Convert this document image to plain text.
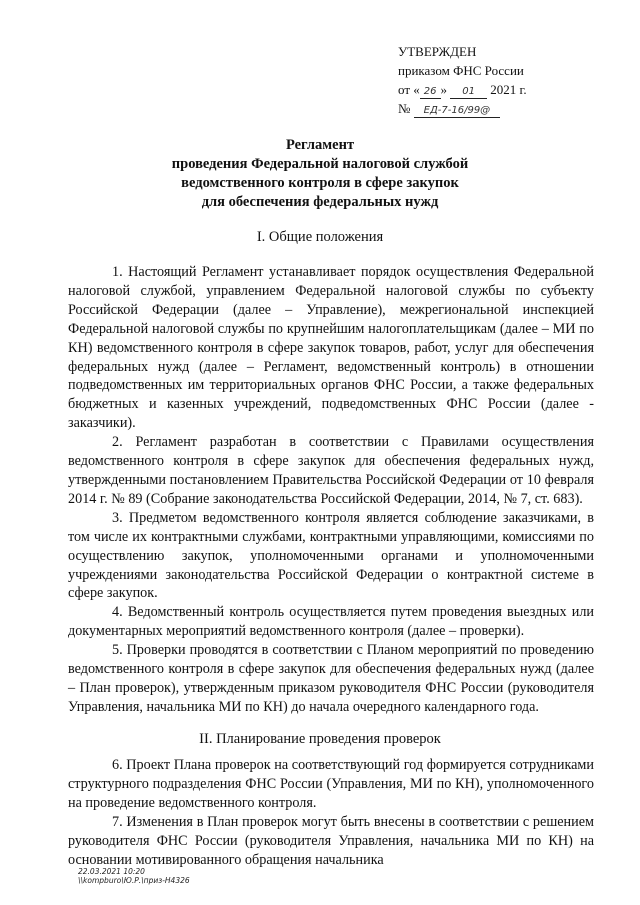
УТВЕРЖДЕН
приказом ФНС России
от « 26 » 01 2021 г.
№ ЕД-7-16/99@
Регламент
проведения Федеральной налоговой службой
ведомственного контроля в сфере закупок
для обеспечения федеральных нужд
I. Общие положения

1. Настоящий Регламент устанавливает порядок осуществления Федеральной налоговой службой, управлением Федеральной налоговой службы по субъекту Российской Федерации (далее – Управление), межрегиональной инспекцией Федеральной налоговой службы по крупнейшим налогоплательщикам (далее – МИ по КН) ведомственного контроля в сфере закупок товаров, работ, услуг для обеспечения федеральных нужд (далее – Регламент, ведомственный контроль) в отношении подведомственных им территориальных органов ФНС России, а также федеральных бюджетных и казенных учреждений, подведомственных ФНС России (далее - заказчики).

2. Регламент разработан в соответствии с Правилами осуществления ведомственного контроля в сфере закупок для обеспечения федеральных нужд, утвержденными постановлением Правительства Российской Федерации от 10 февраля 2014 г. № 89 (Собрание законодательства Российской Федерации, 2014, № 7, ст. 683).

3. Предметом ведомственного контроля является соблюдение заказчиками, в том числе их контрактными службами, контрактными управляющими, комиссиями по осуществлению закупок, уполномоченными органами и уполномоченными учреждениями законодательства Российской Федерации о контрактной системе в сфере закупок.

4. Ведомственный контроль осуществляется путем проведения выездных или документарных мероприятий ведомственного контроля (далее – проверки).

5. Проверки проводятся в соответствии с Планом мероприятий по проведению ведомственного контроля в сфере закупок для обеспечения федеральных нужд (далее – План проверок), утвержденным приказом руководителя ФНС России (руководителя Управления, начальника МИ по КН) до начала очередного календарного года.

II. Планирование проведения проверок

6. Проект Плана проверок на соответствующий год формируется сотрудниками структурного подразделения ФНС России (Управления, МИ по КН), уполномоченного на проведение ведомственного контроля.

7. Изменения в План проверок могут быть внесены в соответствии с решением руководителя ФНС России (руководителя Управления, начальника МИ по КН) на основании мотивированного обращения начальника

22.03.2021 10:20
\\kompburo\Ю.Р.\приз-Н4326
